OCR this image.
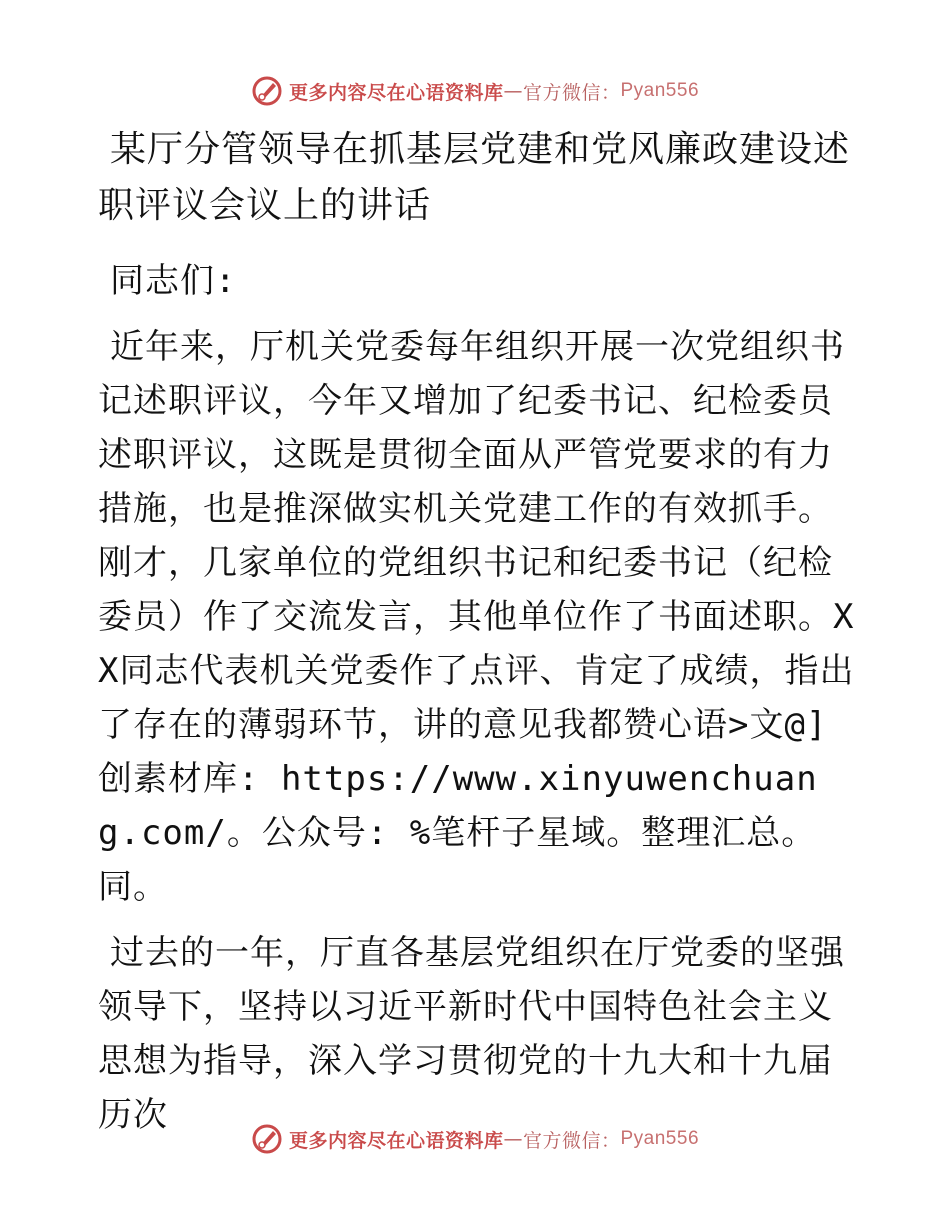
更多内容尽在心语资料库 — 官方微信： Pyan556
某厅分管领导在抓基层党建和党风廉政建设述职评议会议上的讲话

同志们:

近年来，厅机关党委每年组织开展一次党组织书记述职评议，今年又增加了纪委书记、纪检委员述职评议，这既是贯彻全面从严管党要求的有力措施，也是推深做实机关党建工作的有效抓手。刚才，几家单位的党组织书记和纪委书记（纪检委员）作了交流发言，其他单位作了书面述职。XX同志代表机关党委作了点评、肯定了成绩，指出了存在的薄弱环节，讲的意见我都赞心语>文@]创素材库: https://www.xinyuwenchuang.com/。公众号: %笔杆子星域。整理汇总。同。

过去的一年，厅直各基层党组织在厅党委的坚强领导下，坚持以习近平新时代中国特色社会主义思想为指导，深入学习贯彻党的十九大和十九届历次

更多内容尽在心语资料库 — 官方微信： Pyan556
